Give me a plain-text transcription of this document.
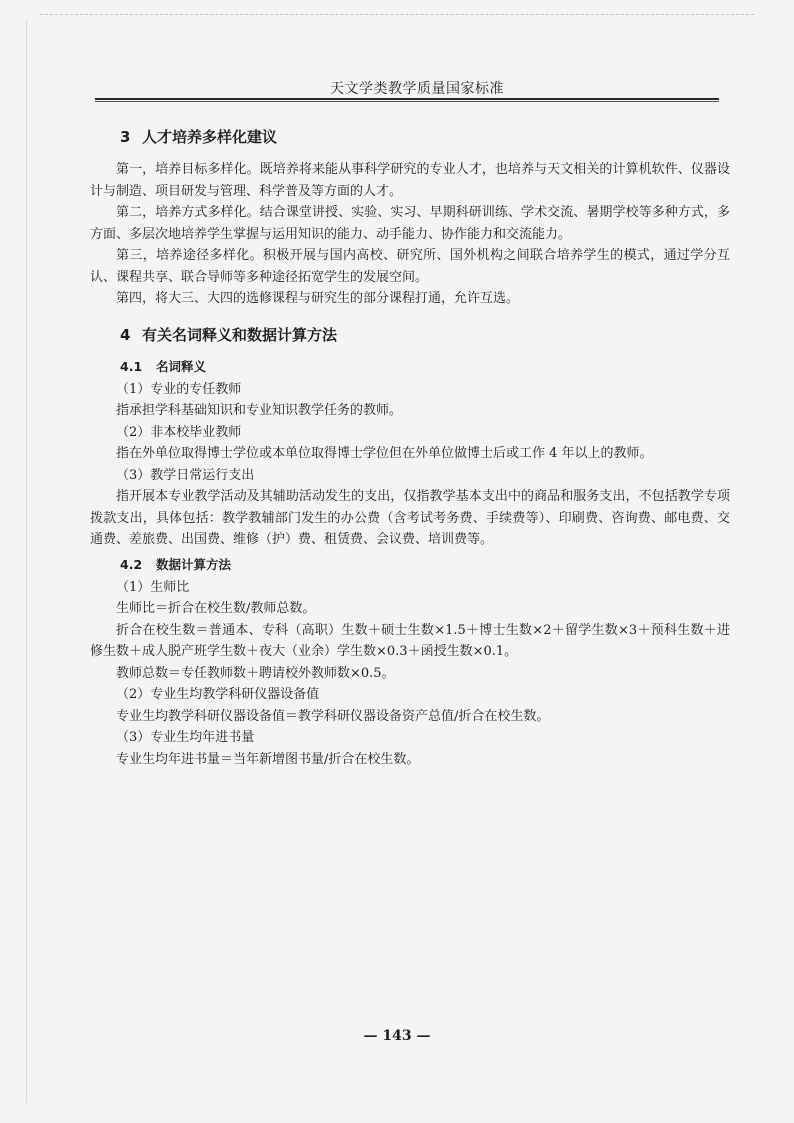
天文学类教学质量国家标准
3 人才培养多样化建议

第一，培养目标多样化。既培养将来能从事科学研究的专业人才，也培养与天文相关的计算机软件、仪器设计与制造、项目研发与管理、科学普及等方面的人才。

第二，培养方式多样化。结合课堂讲授、实验、实习、早期科研训练、学术交流、暑期学校等多种方式，多方面、多层次地培养学生掌握与运用知识的能力、动手能力、协作能力和交流能力。

第三，培养途径多样化。积极开展与国内高校、研究所、国外机构之间联合培养学生的模式，通过学分互认、课程共享、联合导师等多种途径拓宽学生的发展空间。

第四，将大三、大四的选修课程与研究生的部分课程打通，允许互选。

4 有关名词释义和数据计算方法
4.1 名词释义

（1）专业的专任教师

指承担学科基础知识和专业知识教学任务的教师。

（2）非本校毕业教师

指在外单位取得博士学位或本单位取得博士学位但在外单位做博士后或工作 4 年以上的教师。

（3）教学日常运行支出

指开展本专业教学活动及其辅助活动发生的支出，仅指教学基本支出中的商品和服务支出，不包括教学专项拨款支出，具体包括：教学教辅部门发生的办公费（含考试考务费、手续费等）、印刷费、咨询费、邮电费、交通费、差旅费、出国费、维修（护）费、租赁费、会议费、培训费等。

4.2 数据计算方法

（1）生师比

生师比＝折合在校生数/教师总数。

折合在校生数＝普通本、专科（高职）生数＋硕士生数×1.5＋博士生数×2＋留学生数×3＋预科生数＋进修生数＋成人脱产班学生数＋夜大（业余）学生数×0.3＋函授生数×0.1。

教师总数＝专任教师数＋聘请校外教师数×0.5。

（2）专业生均教学科研仪器设备值

专业生均教学科研仪器设备值＝教学科研仪器设备资产总值/折合在校生数。

（3）专业生均年进书量

专业生均年进书量＝当年新增图书量/折合在校生数。

— 143 —
